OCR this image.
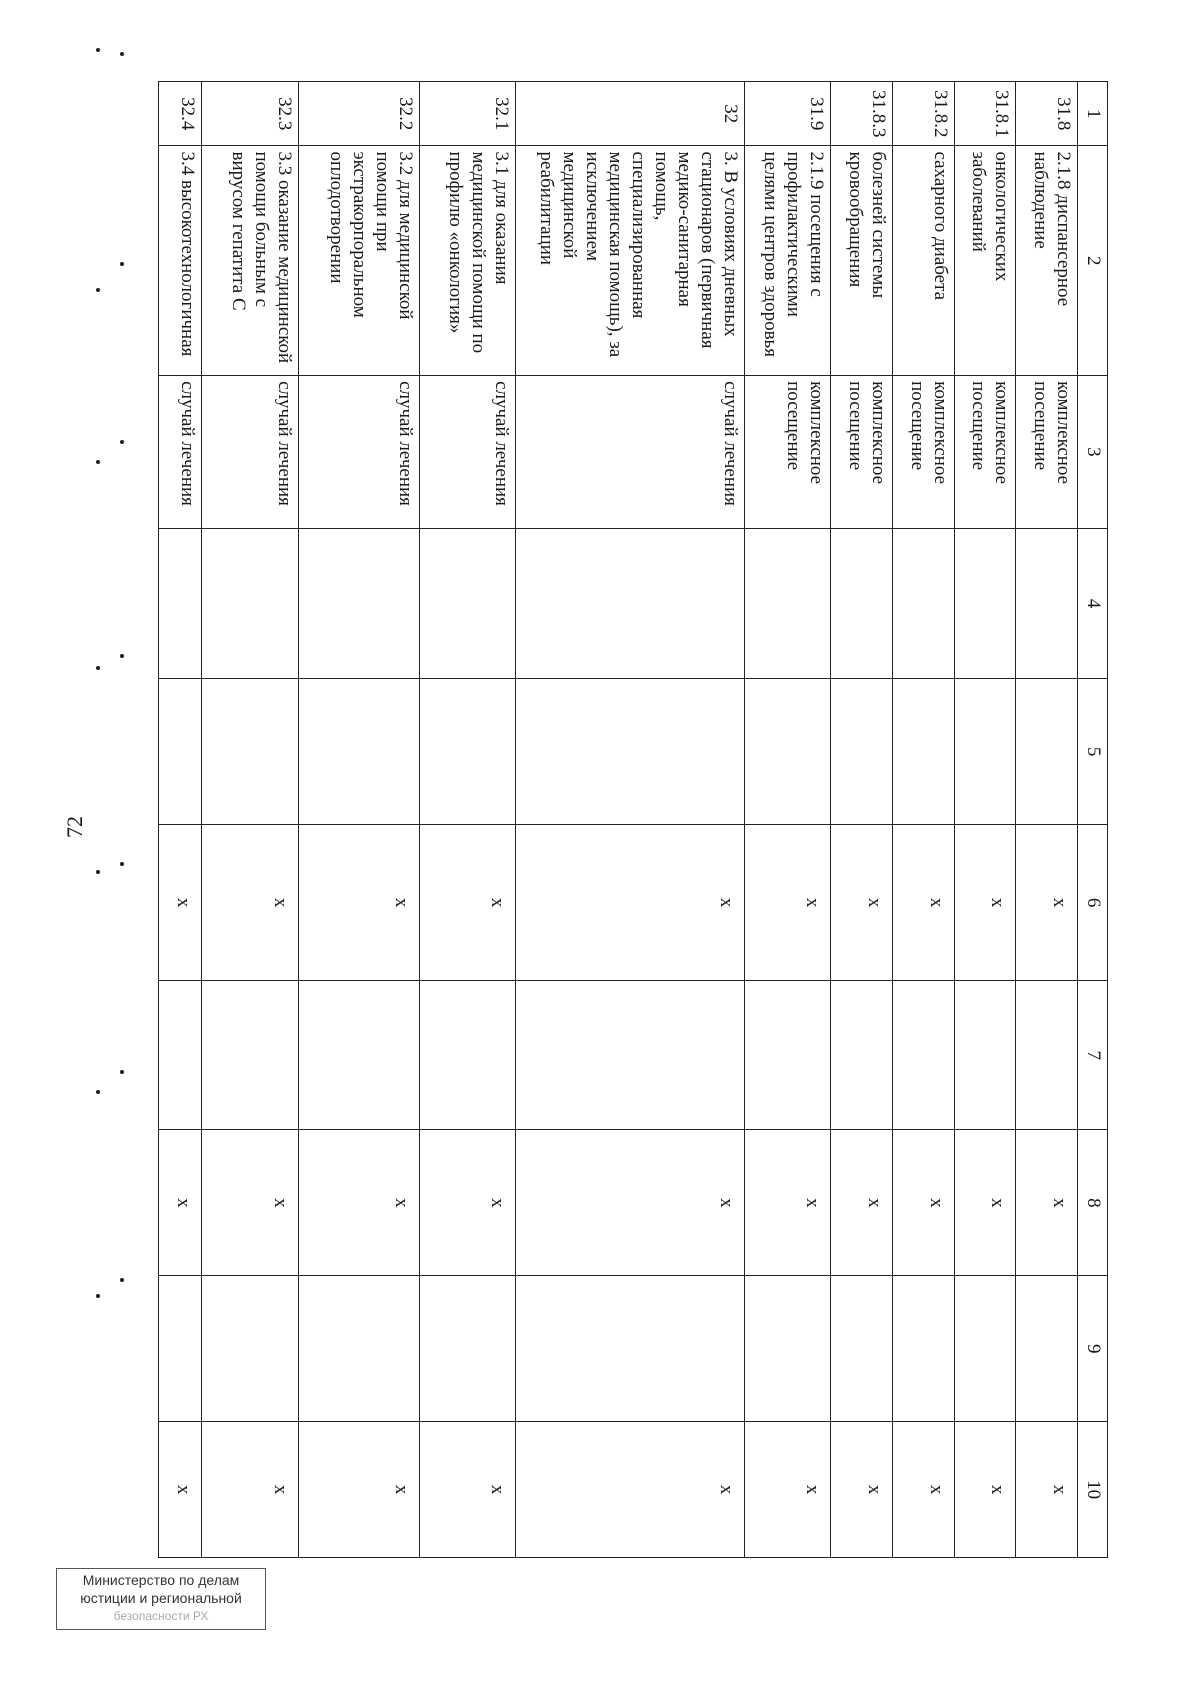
72
Министерство по делам
юстиции и региональной
безопасности РХ
1	2	3	4	5	6	7	8	9	10
31.8	2.1.8 диспансерное наблюдение	комплексное посещение			х		х		х
31.8.1	онкологических заболеваний	комплексное посещение			х		х		х
31.8.2	сахарного диабета	комплексное посещение			х		х		х
31.8.3	болезней системы кровообращения	комплексное посещение			х		х		х
31.9	2.1.9 посещения с профилактическими целями центров здоровья	комплексное посещение			х		х		х
32	3. В условиях дневных стационаров (первичная медико-санитарная помощь, специализированная медицинская помощь), за исключением медицинской реабилитации	случай лечения			х		х		х
32.1	3.1 для оказания медицинской помощи по профилю «онкология»	случай лечения			х		х		х
32.2	3.2 для медицинской помощи при экстракорпоральном оплодотворении	случай лечения			х		х		х
32.3	3.3 оказание медицинской помощи больным с вирусом гепатита С	случай лечения			х		х		х
32.4	3.4 высокотехнологичная	случай лечения			х		х		х
